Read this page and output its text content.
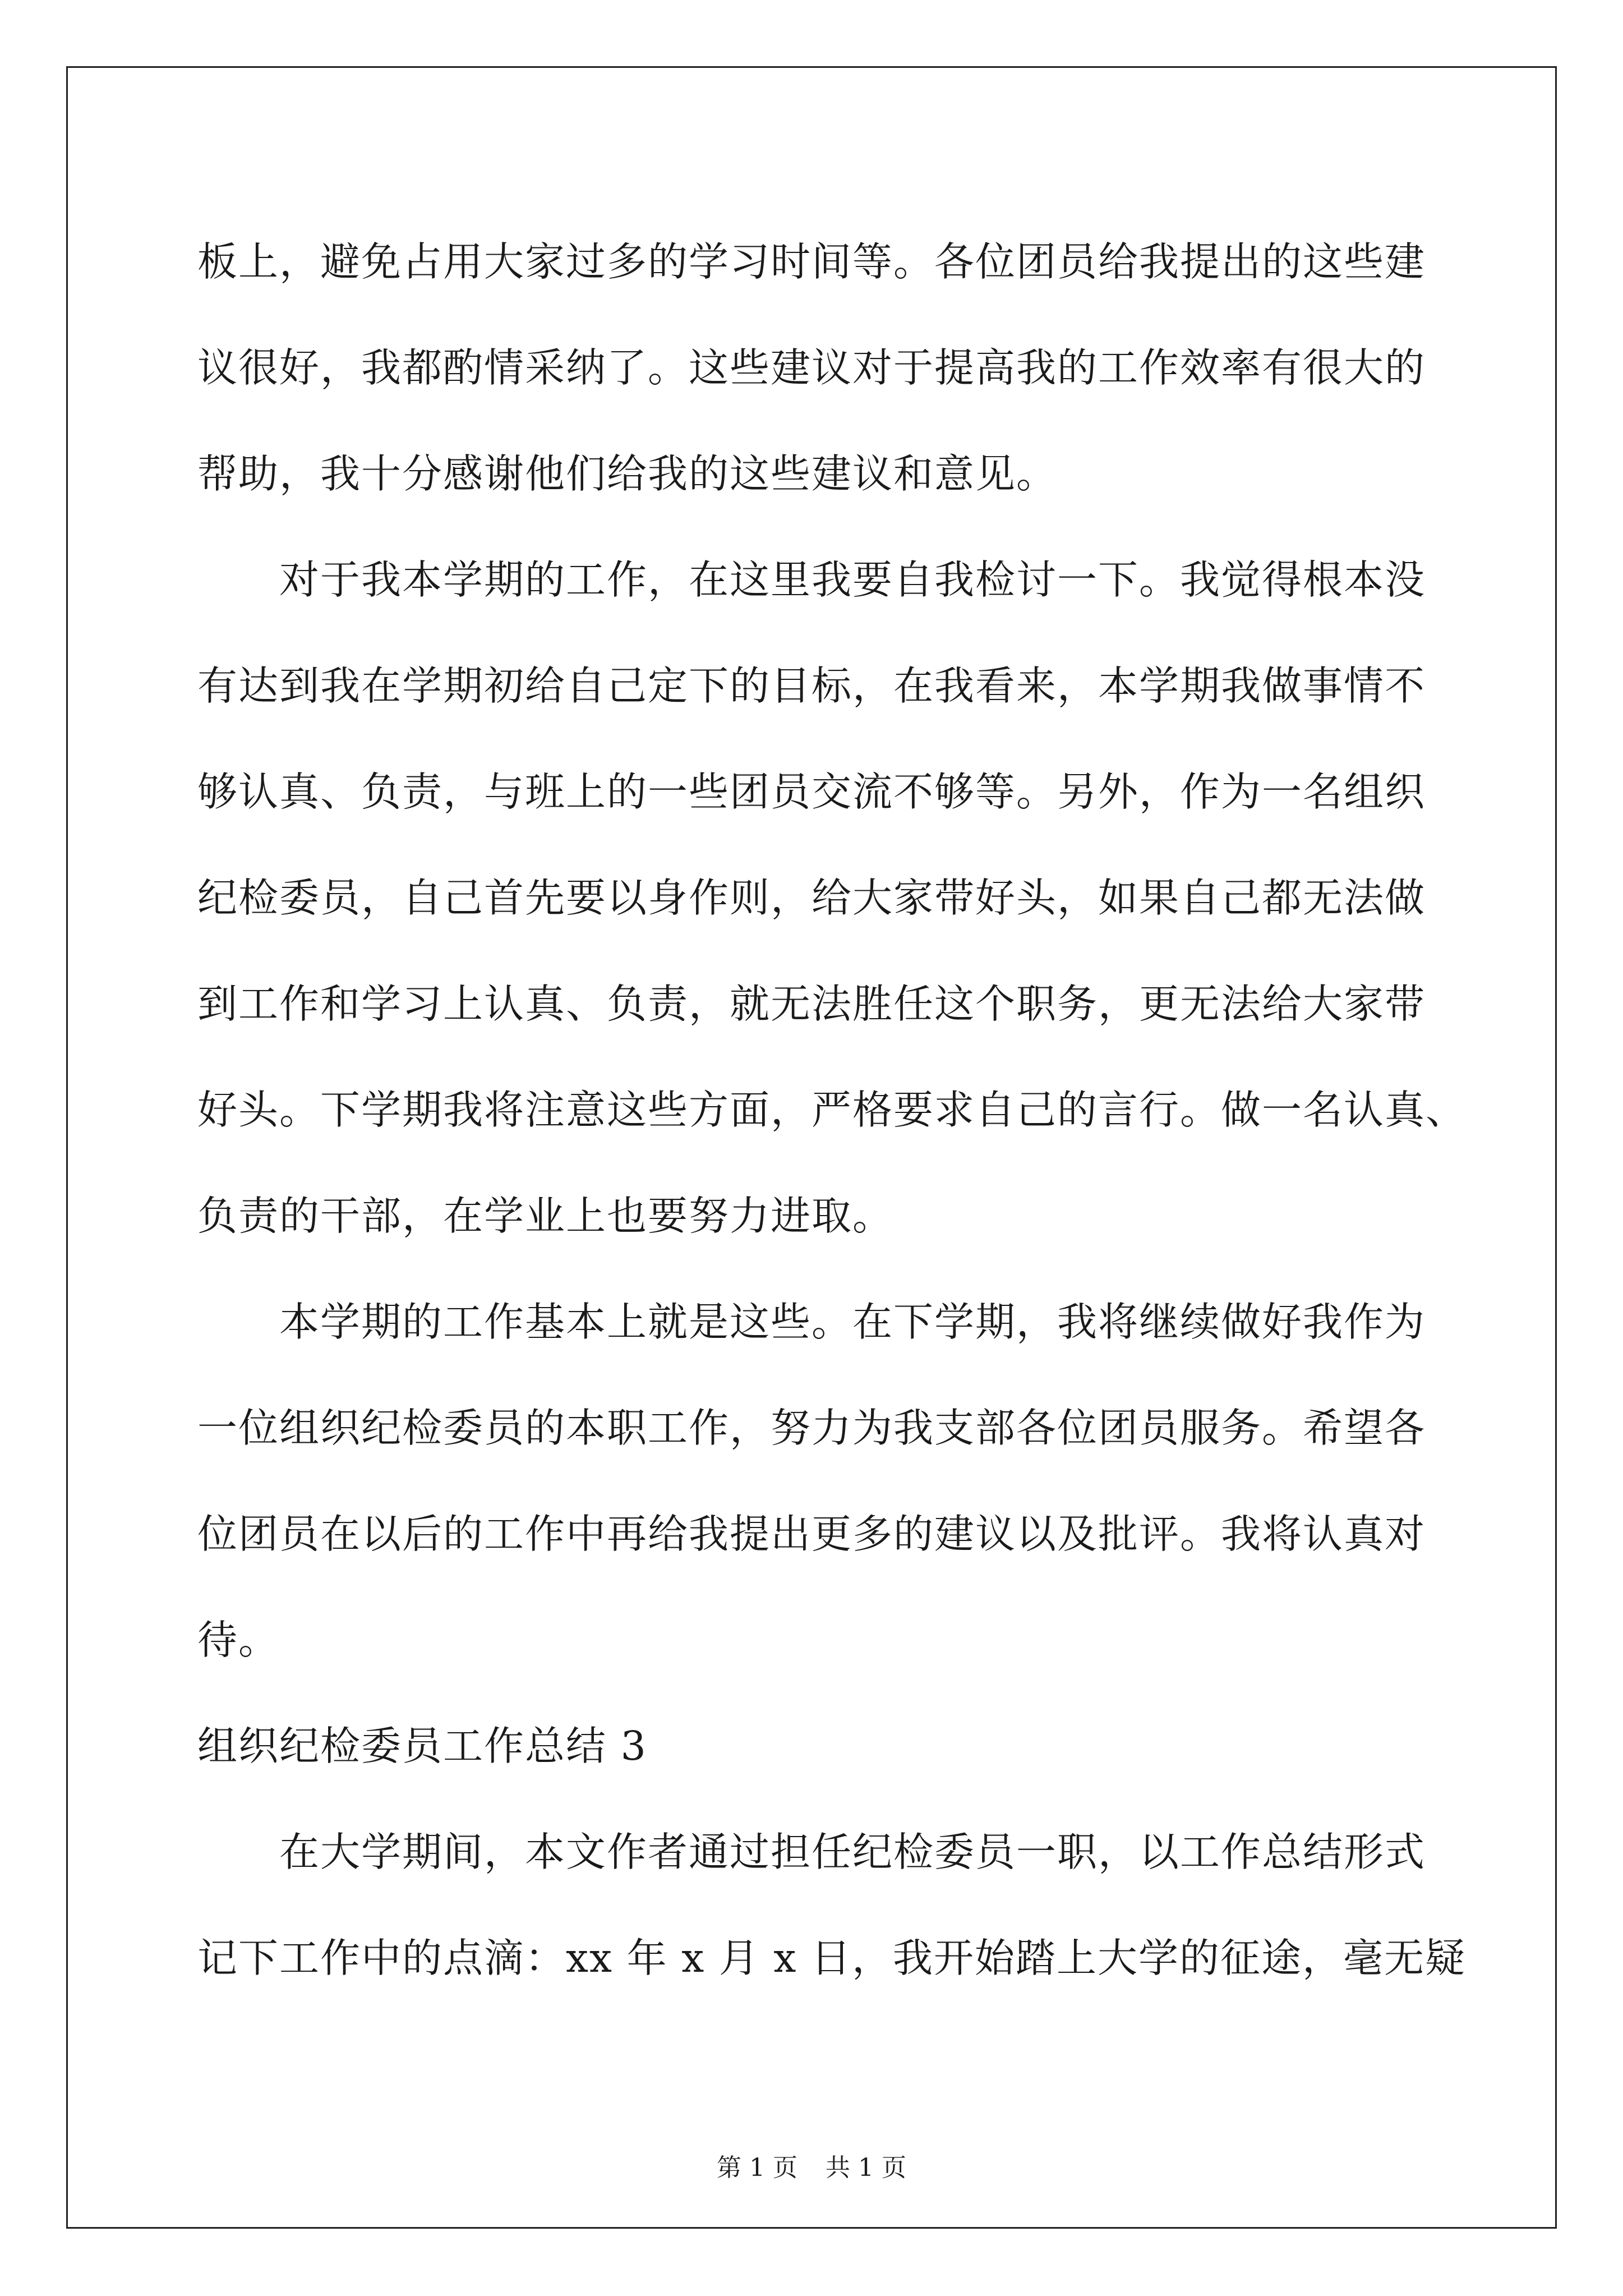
板上，避免占用大家过多的学习时间等。各位团员给我提出的这些建
议很好，我都酌情采纳了。这些建议对于提高我的工作效率有很大的
帮助，我十分感谢他们给我的这些建议和意见。
对于我本学期的工作，在这里我要自我检讨一下。我觉得根本没
有达到我在学期初给自己定下的目标，在我看来，本学期我做事情不
够认真、负责，与班上的一些团员交流不够等。另外，作为一名组织
纪检委员，自己首先要以身作则，给大家带好头，如果自己都无法做
到工作和学习上认真、负责，就无法胜任这个职务，更无法给大家带
好头。下学期我将注意这些方面，严格要求自己的言行。做一名认真、
负责的干部，在学业上也要努力进取。
本学期的工作基本上就是这些。在下学期，我将继续做好我作为
一位组织纪检委员的本职工作，努力为我支部各位团员服务。希望各
位团员在以后的工作中再给我提出更多的建议以及批评。我将认真对
待。
组织纪检委员工作总结 3
在大学期间，本文作者通过担任纪检委员一职，以工作总结形式
记下工作中的点滴：xx 年 x 月 x 日，我开始踏上大学的征途，毫无疑
第 1 页 共 1 页
